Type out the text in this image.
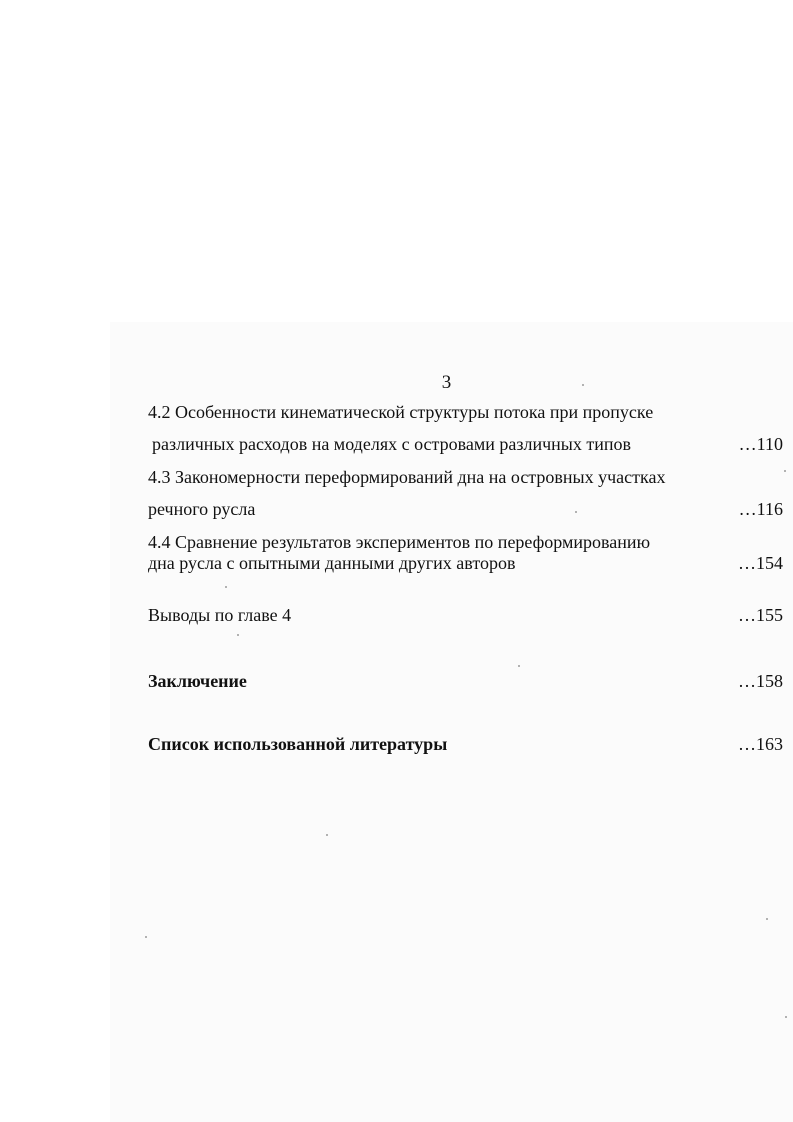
3
4.2 Особенности кинематической структуры потока при пропуске
различных расходов на моделях с островами различных типов	…110
4.3 Закономерности переформирований дна на островных участках
речного русла	…116
4.4 Сравнение результатов экспериментов по переформированию
дна русла с опытными данными других авторов	…154
Выводы по главе 4	…155
Заключение	…158
Список использованной литературы	…163
